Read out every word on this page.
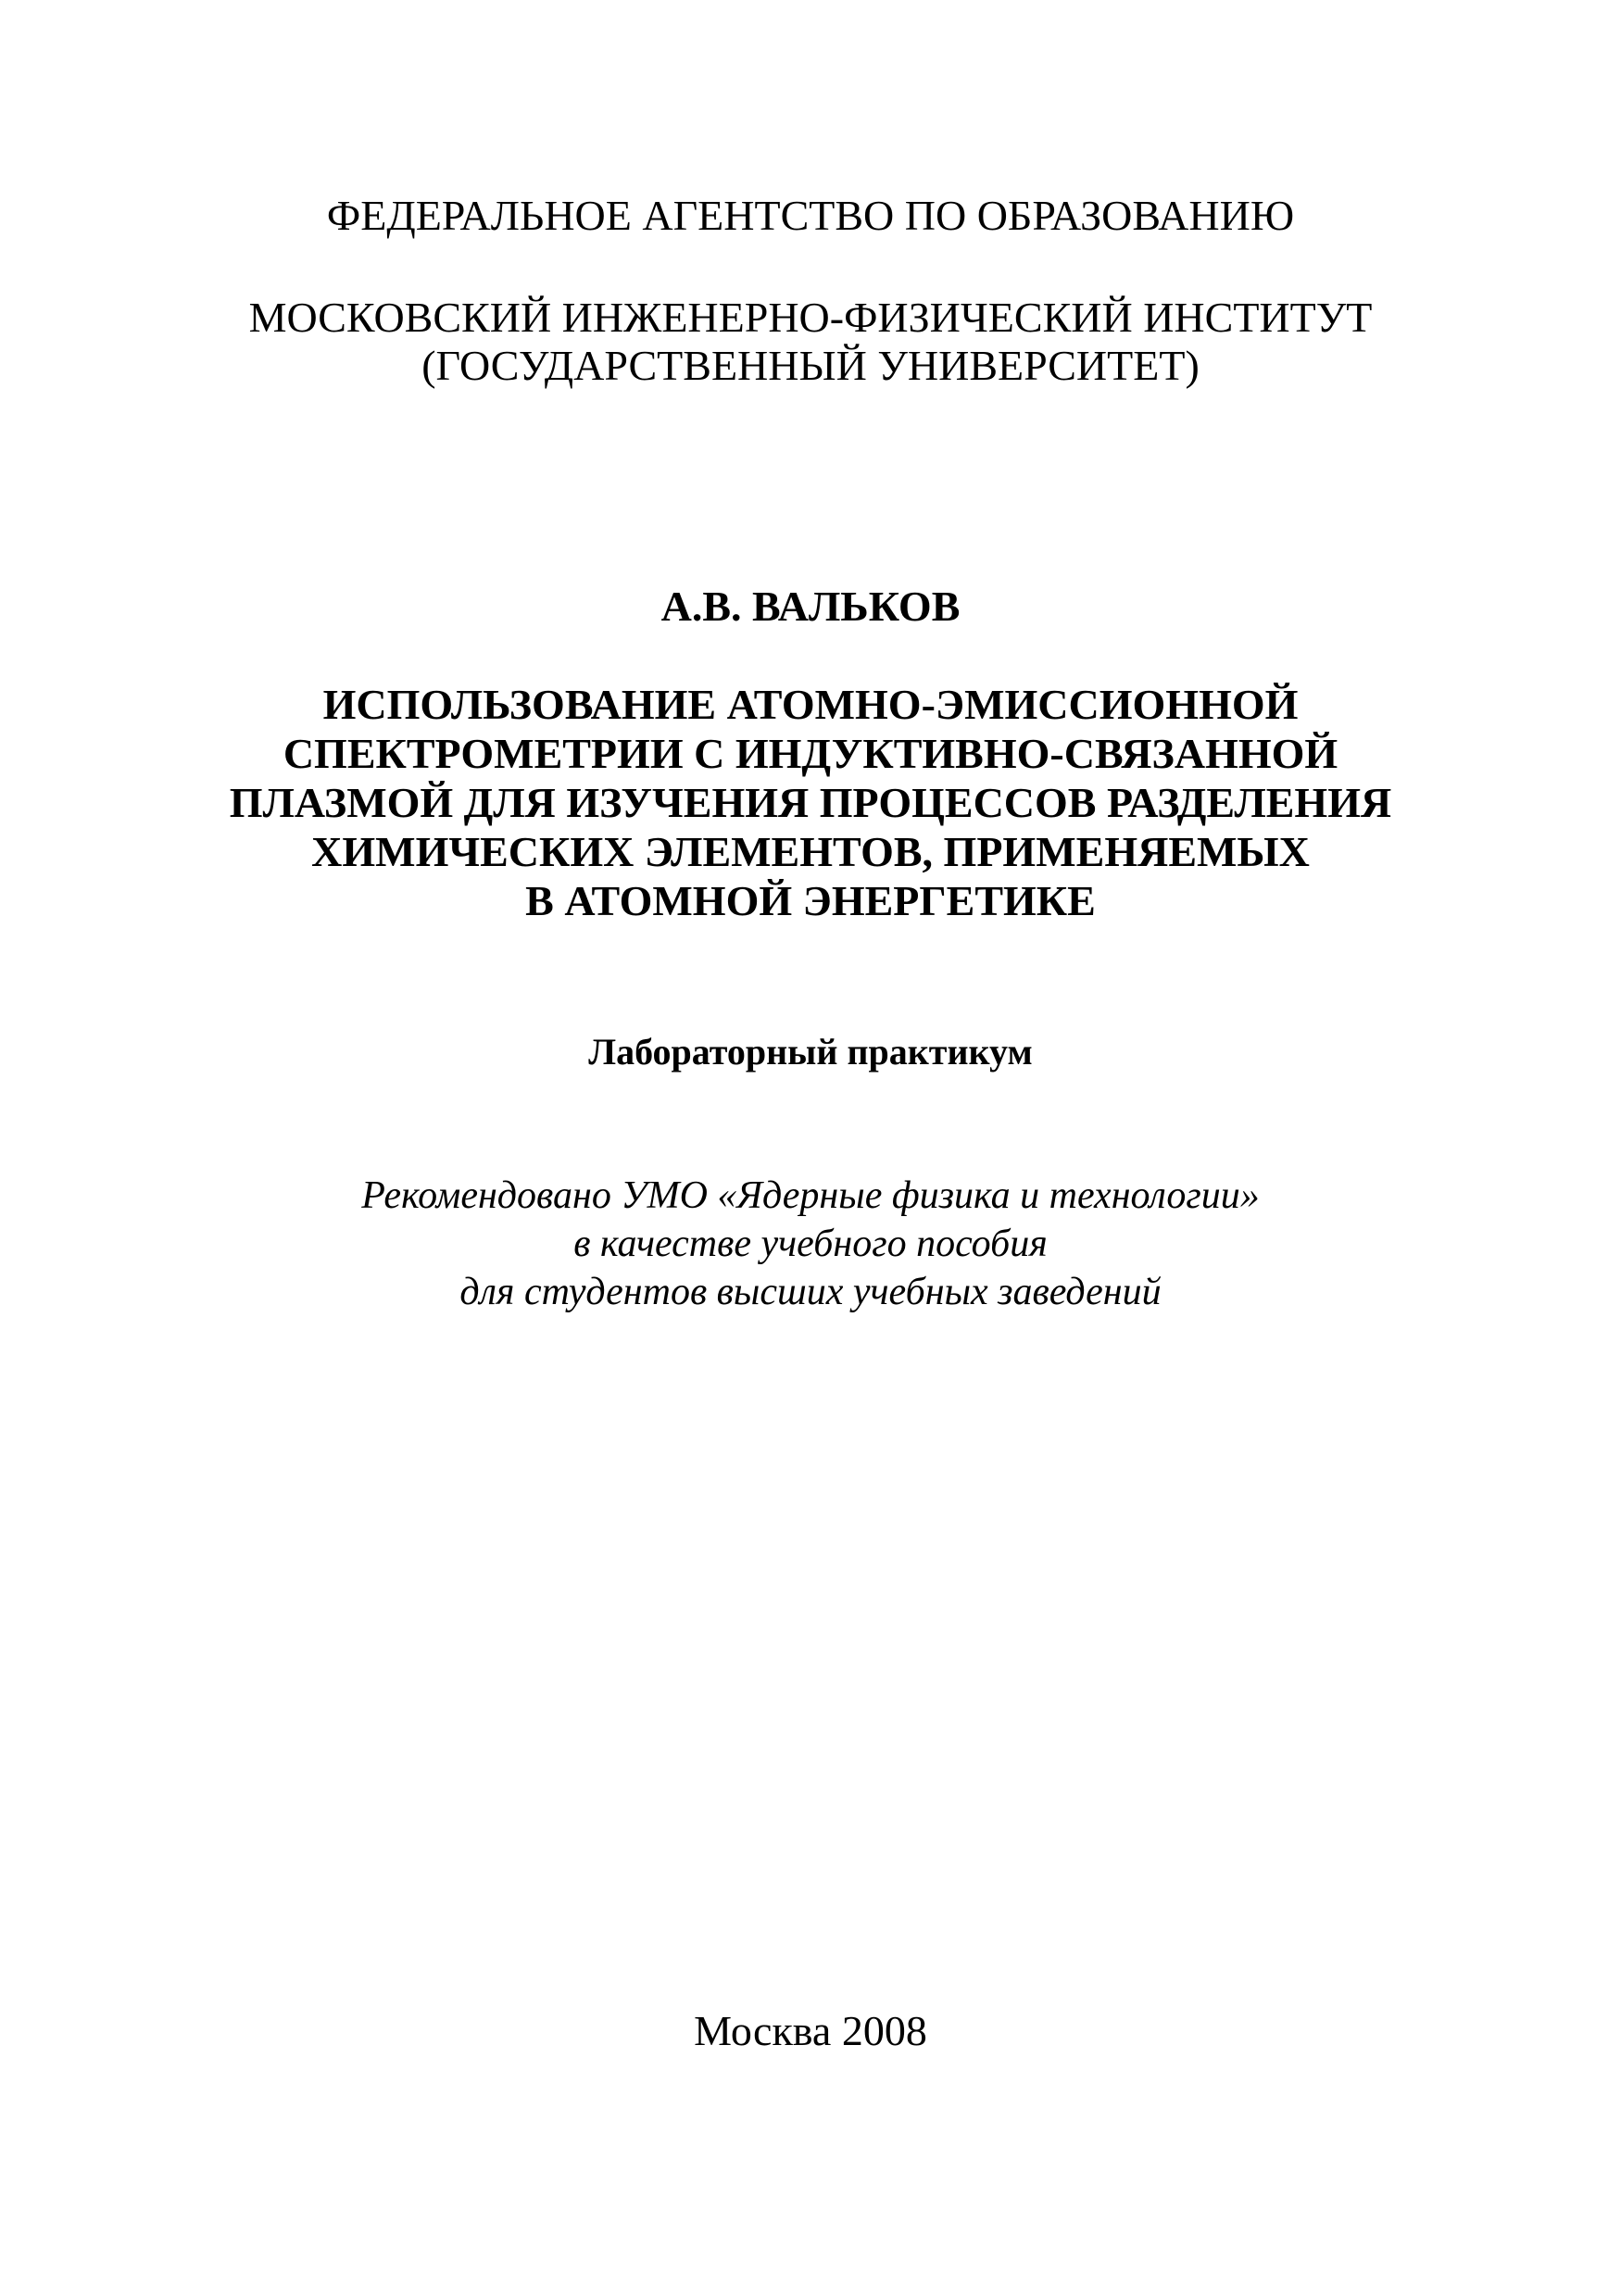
ФЕДЕРАЛЬНОЕ АГЕНТСТВО ПО ОБРАЗОВАНИЮ
МОСКОВСКИЙ ИНЖЕНЕРНО-ФИЗИЧЕСКИЙ ИНСТИТУТ
(ГОСУДАРСТВЕННЫЙ УНИВЕРСИТЕТ)
А.В. ВАЛЬКОВ
ИСПОЛЬЗОВАНИЕ АТОМНО-ЭМИССИОННОЙ
СПЕКТРОМЕТРИИ С ИНДУКТИВНО-СВЯЗАННОЙ
ПЛАЗМОЙ ДЛЯ ИЗУЧЕНИЯ ПРОЦЕССОВ РАЗДЕЛЕНИЯ
ХИМИЧЕСКИХ ЭЛЕМЕНТОВ, ПРИМЕНЯЕМЫХ
В АТОМНОЙ ЭНЕРГЕТИКЕ
Лабораторный практикум
Рекомендовано УМО «Ядерные физика и технологии»
в качестве учебного пособия
для студентов высших учебных заведений
Москва 2008
